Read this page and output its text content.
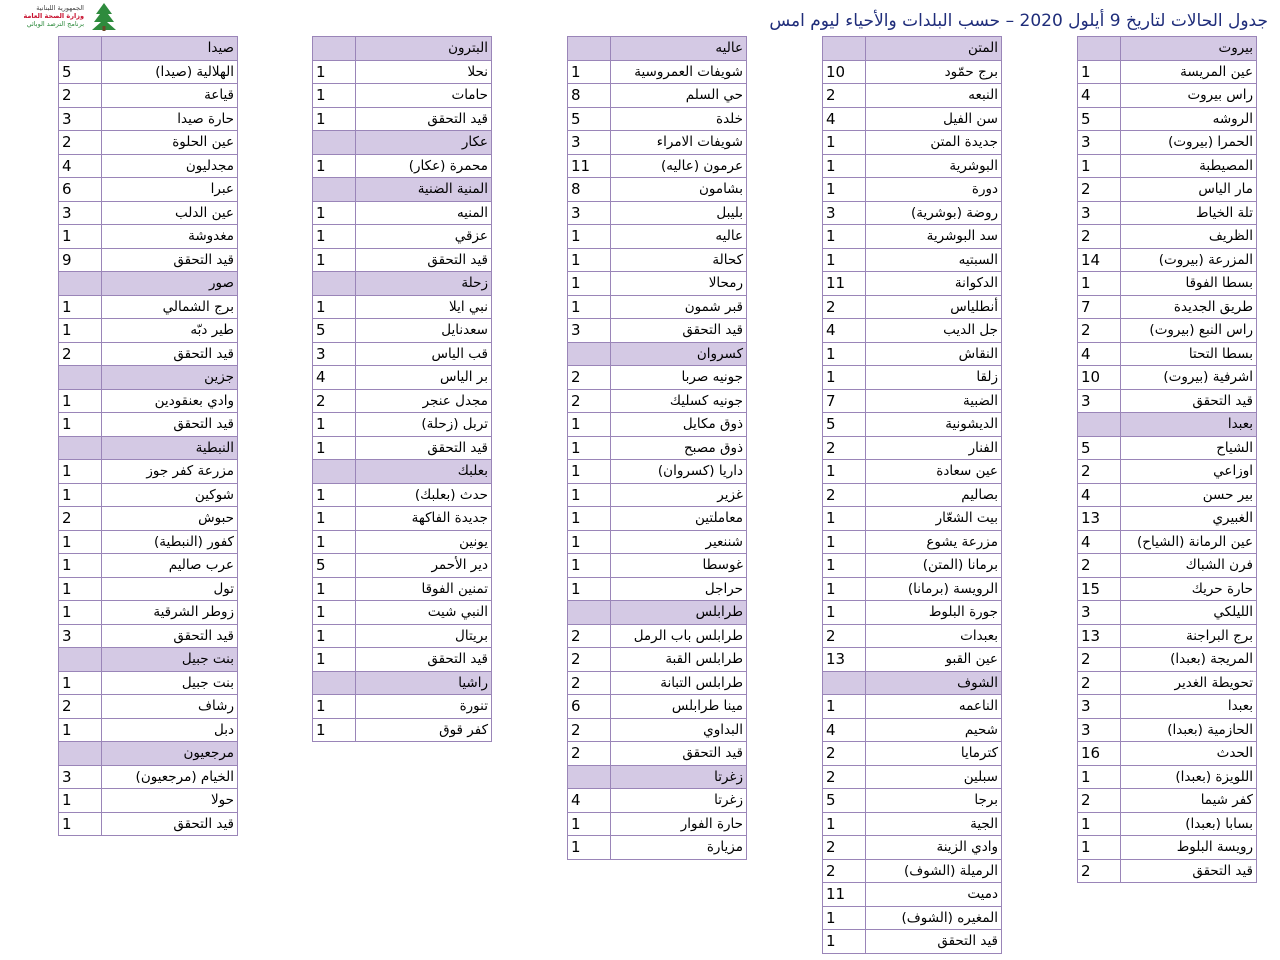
الجمهورية اللبنانية
وزارة الصحة العامة
برنامج الترصد الوبائي	جدول الحالات لتاريخ 9 أيلول 2020 – حسب البلدات والأحياء ليوم امس
بيروت	
عين المريسة	1
راس بيروت	4
الروشه	5
الحمرا (بيروت)	3
المصيطبة	1
مار الياس	2
تلة الخياط	3
الظريف	2
المزرعة (بيروت)	14
بسطا الفوقا	1
طريق الجديدة	7
راس النبع (بيروت)	2
بسطا التحتا	4
اشرفية (بيروت)	10
قيد التحقق	3
بعبدا	
الشياح	5
اوزاعي	2
بير حسن	4
الغبيري	13
عين الرمانة (الشياح)	4
فرن الشباك	2
حارة حريك	15
الليلكي	3
برج البراجنة	13
المريجة (بعبدا)	2
تحويطة الغدير	2
بعبدا	3
الحازمية (بعبدا)	3
الحدث	16
اللويزة (بعبدا)	1
كفر شيما	2
بسابا (بعبدا)	1
رويسة البلوط	1
قيد التحقق	2
المتن	
برج حمّود	10
النبعه	2
سن الفيل	4
جديدة المتن	1
البوشرية	1
دورة	1
روضة (بوشرية)	3
سد البوشرية	1
السبتيه	1
الدكوانة	11
أنطلياس	2
جل الديب	4
النقاش	1
زلقا	1
الضبية	7
الديشونية	5
الفنار	2
عين سعادة	1
بصاليم	2
بيت الشعّار	1
مزرعة يشوع	1
برمانا (المتن)	1
الرويسة (برمانا)	1
جورة البلوط	1
بعبدات	2
عين القبو	13
الشوف	
الناعمه	1
شحيم	4
كترمايا	2
سبلين	2
برجا	5
الجية	1
وادي الزينة	2
الرميلة (الشوف)	2
دميت	11
المغيره (الشوف)	1
قيد التحقق	1
عاليه	
شويفات العمروسية	1
حي السلم	8
خلدة	5
شويفات الامراء	3
عرمون (عاليه)	11
بشامون	8
بليبل	3
عاليه	1
كحالة	1
رمحالا	1
قبر شمون	1
قيد التحقق	3
كسروان	
جونيه صربا	2
جونيه كسليك	2
ذوق مكايل	1
ذوق مصبح	1
داريا (كسروان)	1
غزير	1
معاملتين	1
شننعير	1
غوسطا	1
حراجل	1
طرابلس	
طرابلس باب الرمل	2
طرابلس القبة	2
طرابلس التبانة	2
مينا طرابلس	6
البداوي	2
قيد التحقق	2
زغرتا	
زغرتا	4
حارة الفوار	1
مزيارة	1
البترون	
نحلا	1
حامات	1
قيد التحقق	1
عكار	
محمرة (عكار)	1
المنية الضنية	
المنيه	1
عزقي	1
قيد التحقق	1
زحلة	
نبي ايلا	1
سعدنايل	5
قب الياس	3
بر الياس	4
مجدل عنجر	2
تربل (زحلة)	1
قيد التحقق	1
بعلبك	
حدث (بعلبك)	1
جديدة الفاكهة	1
يونين	1
دير الأحمر	5
تمنين الفوقا	1
النبي شيت	1
بريتال	1
قيد التحقق	1
راشيا	
تنورة	1
كفر قوق	1
صيدا	
الهلالية (صيدا)	5
قياعة	2
حارة صيدا	3
عين الحلوة	2
مجدليون	4
عبرا	6
عين الدلب	3
مغدوشة	1
قيد التحقق	9
صور	
برج الشمالي	1
طير دبّه	1
قيد التحقق	2
جزين	
وادي بعنقودين	1
قيد التحقق	1
النبطية	
مزرعة كفر جوز	1
شوكين	1
حبوش	2
كفور (النبطية)	1
عرب صاليم	1
تول	1
زوطر الشرقية	1
قيد التحقق	3
بنت جبيل	
بنت جبيل	1
رشاف	2
دبل	1
مرجعيون	
الخيام (مرجعيون)	3
حولا	1
قيد التحقق	1
